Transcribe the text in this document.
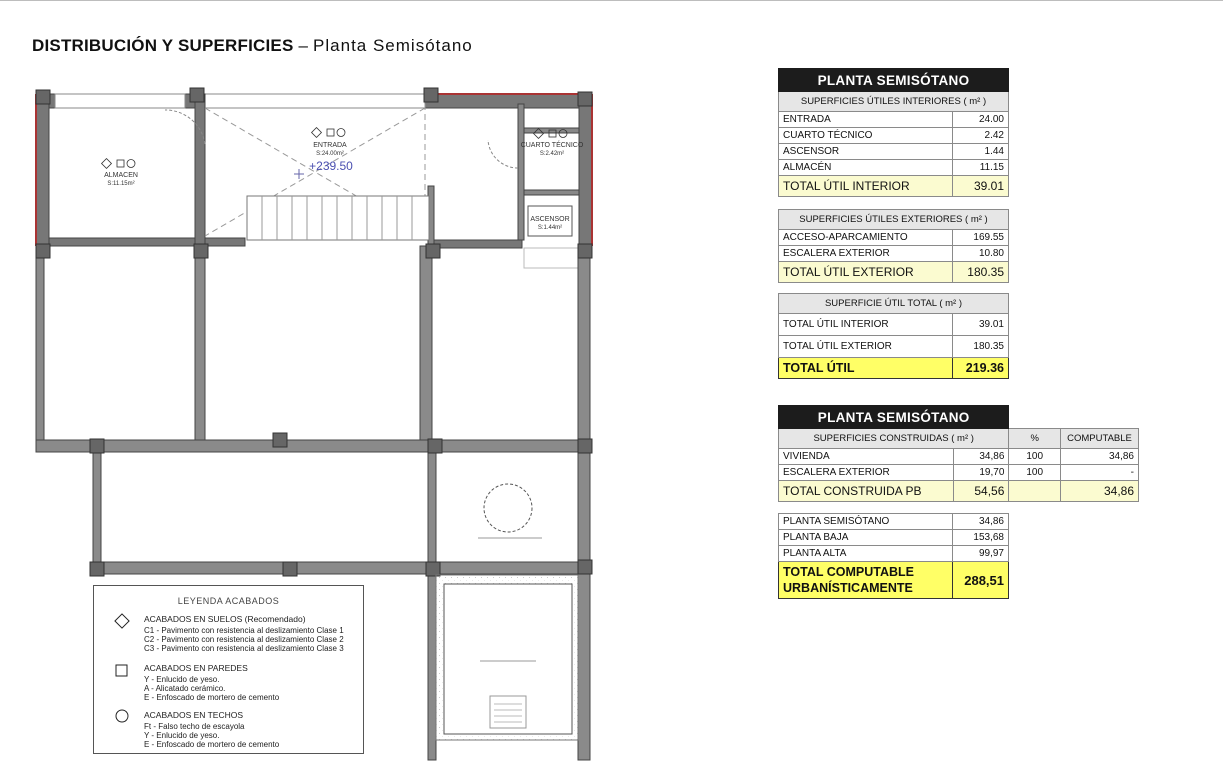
DISTRIBUCIÓN Y SUPERFICIES – Planta Semisótano
ALMACEN
S:11.15m²
ENTRADA
S:24.00m²
CUARTO TÉCNICO
S:2.42m²
ASCENSOR
S:1.44m²
+239.50
LEYENDA ACABADOS
ACABADOS EN SUELOS (Recomendado)
C1 - Pavimento con resistencia al deslizamiento Clase 1
C2 - Pavimento con resistencia al deslizamiento Clase 2
C3 - Pavimento con resistencia al deslizamiento Clase 3
ACABADOS EN PAREDES
Y - Enlucido de yeso.
A - Alicatado cerámico.
E - Enfoscado de mortero de cemento
ACABADOS EN TECHOS
Ft - Falso techo de escayola
Y - Enlucido de yeso.
E - Enfoscado de mortero de cemento
PLANTA SEMISÓTANO	
SUPERFICIES ÚTILES INTERIORES ( m² )	
ENTRADA	24.00
CUARTO TÉCNICO	2.42
ASCENSOR	1.44
ALMACÉN	11.15
TOTAL ÚTIL INTERIOR	39.01
SUPERFICIES ÚTILES EXTERIORES ( m² )	
ACCESO-APARCAMIENTO	169.55
ESCALERA EXTERIOR	10.80
TOTAL ÚTIL EXTERIOR	180.35
SUPERFICIE ÚTIL TOTAL ( m² )	
TOTAL ÚTIL INTERIOR	39.01
TOTAL ÚTIL EXTERIOR	180.35
TOTAL ÚTIL	219.36
PLANTA SEMISÓTANO			
SUPERFICIES CONSTRUIDAS ( m² )		%	COMPUTABLE
VIVIENDA	34,86	100	34,86
ESCALERA EXTERIOR	19,70	100	-
TOTAL CONSTRUIDA PB	54,56		34,86
PLANTA SEMISÓTANO	34,86
PLANTA BAJA	153,68
PLANTA ALTA	99,97

TOTAL COMPUTABLE
URBANÍSTICAMENTE	288,51
